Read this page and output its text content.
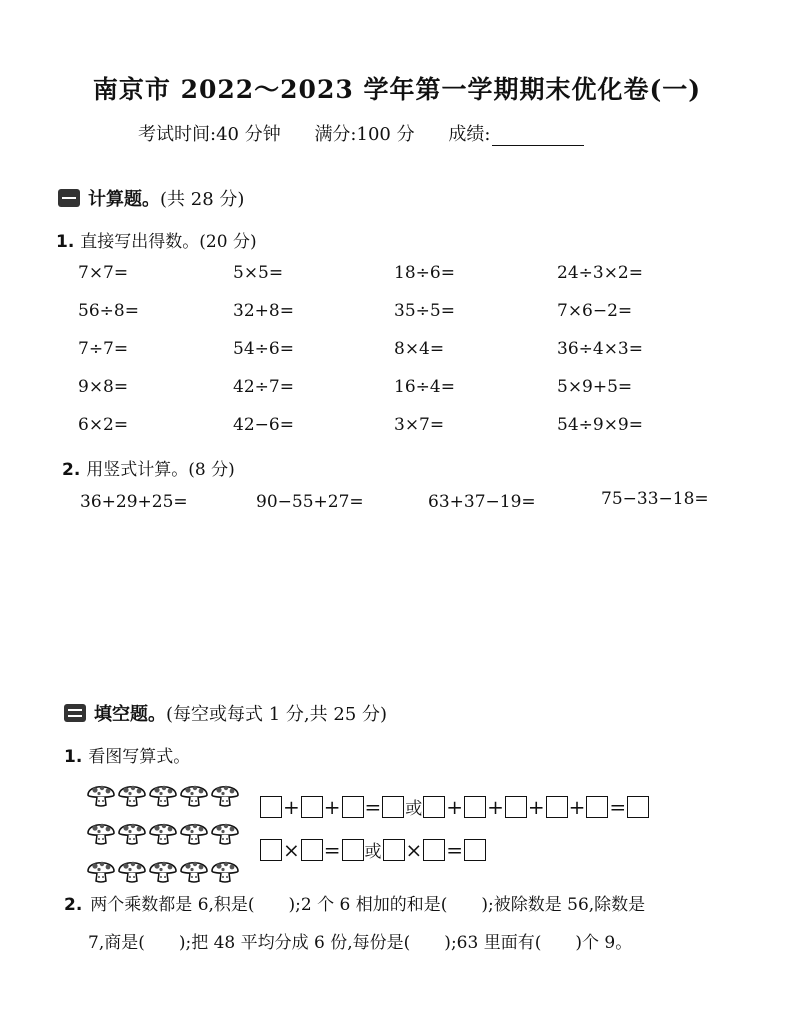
南京市 2022～2023 学年第一学期期末优化卷(一)
考试时间:40 分钟 满分:100 分 成绩:
计算题。(共 28 分)
1. 直接写出得数。(20 分)
7×7=	5×5=	18÷6=	24÷3×2=
56÷8=	32+8=	35÷5=	7×6−2=
7÷7=	54÷6=	8×4=	36÷4×3=
9×8=	42÷7=	16÷4=	5×9+5=
6×2=	42−6=	3×7=	54÷9×9=
2. 用竖式计算。(8 分)
36+29+25=	90−55+27=	63+37−19=	75−33−18=
填空题。(每空或每式 1 分,共 25 分)
1. 看图写算式。
+ + = 或 + + + + =
× = 或 × =
2. 两个乘数都是 6,积是(　　);2 个 6 相加的和是(　　);被除数是 56,除数是
7,商是(　　);把 48 平均分成 6 份,每份是(　　);63 里面有(　　)个 9。
